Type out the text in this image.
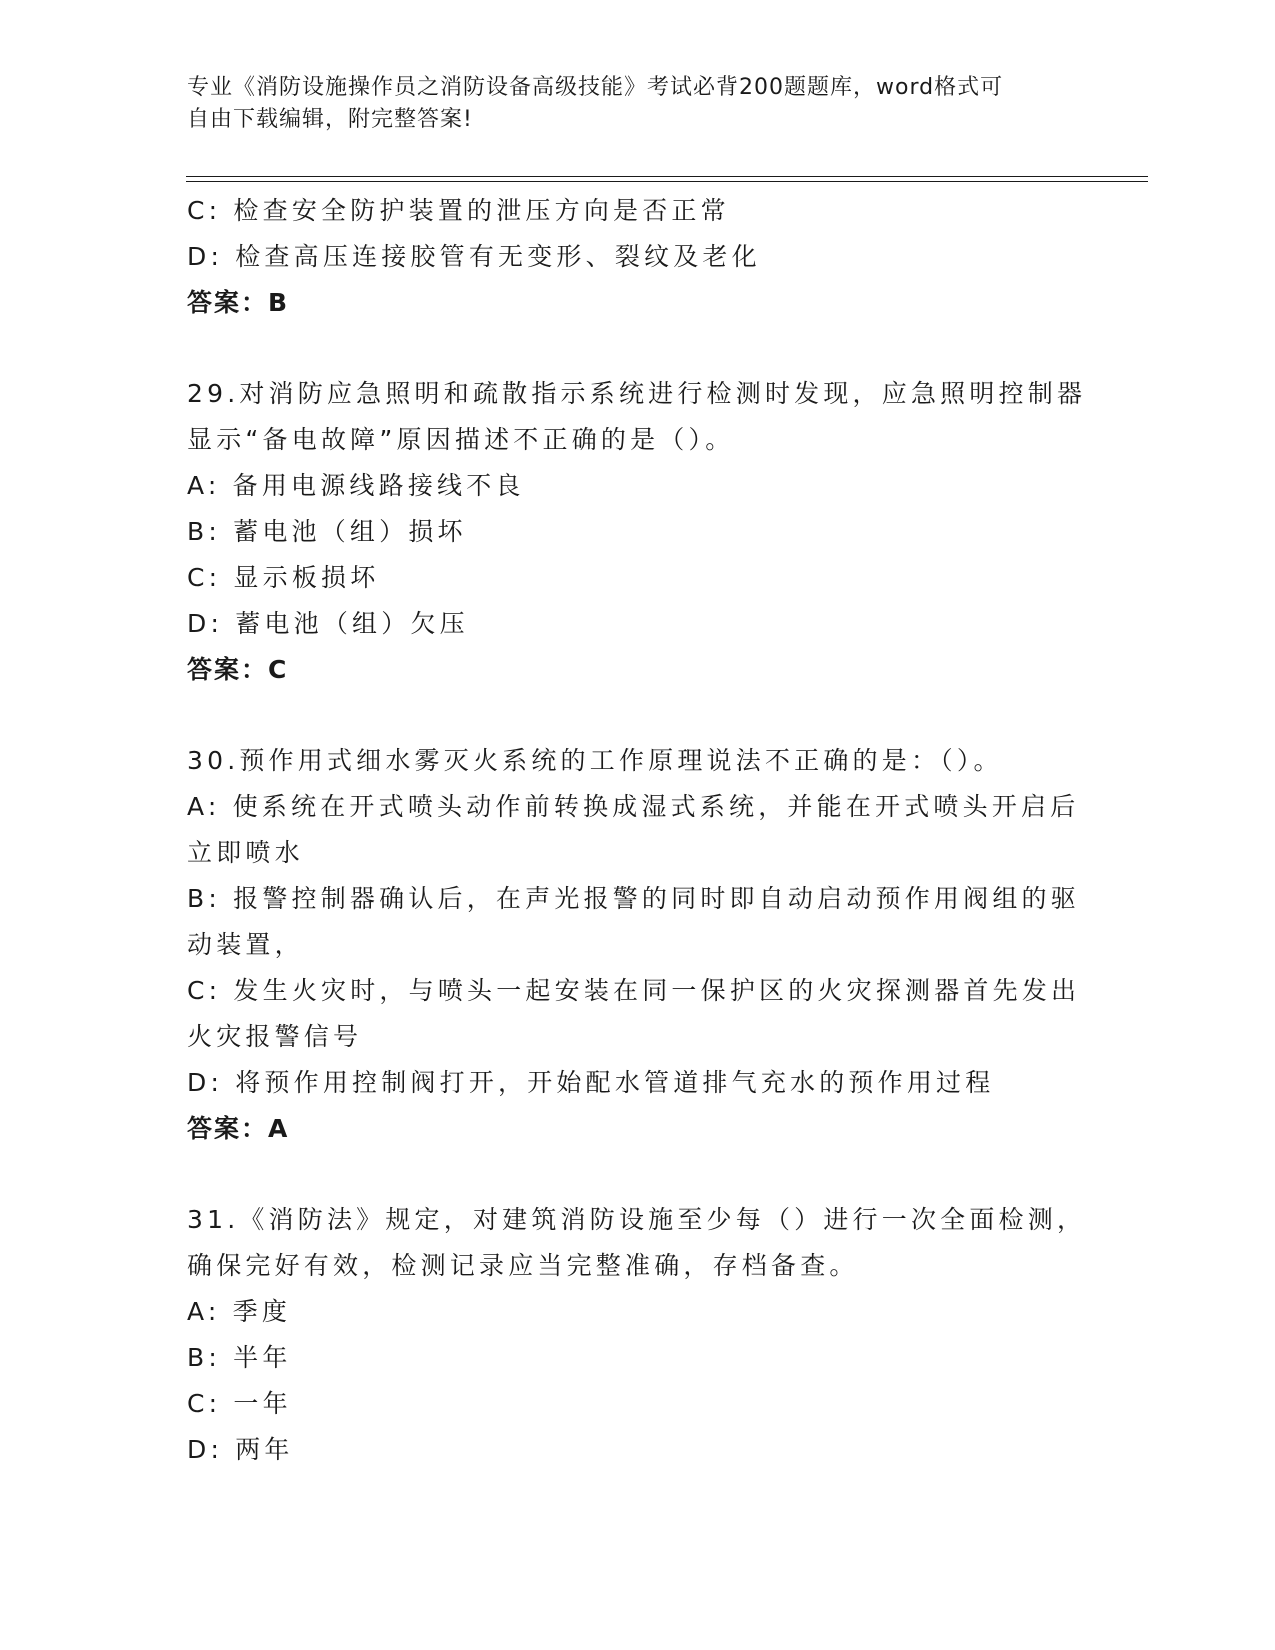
专业《消防设施操作员之消防设备高级技能》考试必背200题题库，word格式可
自由下载编辑，附完整答案!
C: 检查安全防护装置的泄压方向是否正常
D: 检查高压连接胶管有无变形、裂纹及老化
答案：B
29.对消防应急照明和疏散指示系统进行检测时发现，应急照明控制器
显示“备电故障”原因描述不正确的是（）。
A: 备用电源线路接线不良
B: 蓄电池（组）损坏
C: 显示板损坏
D: 蓄电池（组）欠压
答案：C
30.预作用式细水雾灭火系统的工作原理说法不正确的是：（）。
A: 使系统在开式喷头动作前转换成湿式系统，并能在开式喷头开启后
立即喷水
B: 报警控制器确认后，在声光报警的同时即自动启动预作用阀组的驱
动装置，
C: 发生火灾时，与喷头一起安装在同一保护区的火灾探测器首先发出
火灾报警信号
D: 将预作用控制阀打开，开始配水管道排气充水的预作用过程
答案：A
31.《消防法》规定，对建筑消防设施至少每（）进行一次全面检测，
确保完好有效，检测记录应当完整准确，存档备查。
A: 季度
B: 半年
C: 一年
D: 两年
